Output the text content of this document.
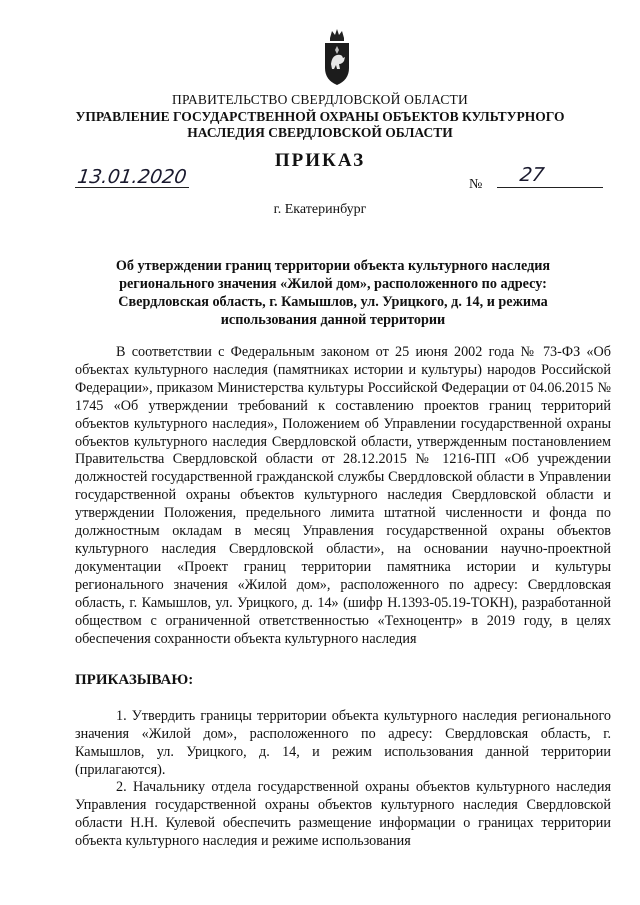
ПРАВИТЕЛЬСТВО СВЕРДЛОВСКОЙ ОБЛАСТИ
УПРАВЛЕНИЕ ГОСУДАРСТВЕННОЙ ОХРАНЫ ОБЪЕКТОВ КУЛЬТУРНОГО НАСЛЕДИЯ СВЕРДЛОВСКОЙ ОБЛАСТИ
ПРИКАЗ
13.01.2020	№	27
г. Екатеринбург
Об утверждении границ территории объекта культурного наследия регионального значения «Жилой дом», расположенного по адресу: Свердловская область, г. Камышлов, ул. Урицкого, д. 14, и режима использования данной территории

В соответствии с Федеральным законом от 25 июня 2002 года № 73-ФЗ «Об объектах культурного наследия (памятниках истории и культуры) народов Российской Федерации», приказом Министерства культуры Российской Федерации от 04.06.2015 № 1745 «Об утверждении требований к составлению проектов границ территорий объектов культурного наследия», Положением об Управлении государственной охраны объектов культурного наследия Свердловской области, утвержденным постановлением Правительства Свердловской области от 28.12.2015 № 1216-ПП «Об учреждении должностей государственной гражданской службы Свердловской области в Управлении государственной охраны объектов культурного наследия Свердловской области и утверждении Положения, предельного лимита штатной численности и фонда по должностным окладам в месяц Управления государственной охраны объектов культурного наследия Свердловской области», на основании научно-проектной документации «Проект границ территории памятника истории и культуры регионального значения «Жилой дом», расположенного по адресу: Свердловская область, г. Камышлов, ул. Урицкого, д. 14» (шифр Н.1393-05.19-ТОКН), разработанной обществом с ограниченной ответственностью «Техноцентр» в 2019 году, в целях обеспечения сохранности объекта культурного наследия

ПРИКАЗЫВАЮ:

1. Утвердить границы территории объекта культурного наследия регионального значения «Жилой дом», расположенного по адресу: Свердловская область, г. Камышлов, ул. Урицкого, д. 14, и режим использования данной территории (прилагаются).

2. Начальнику отдела государственной охраны объектов культурного наследия Управления государственной охраны объектов культурного наследия Свердловской области Н.Н. Кулевой обеспечить размещение информации о границах территории объекта культурного наследия и режиме использования
